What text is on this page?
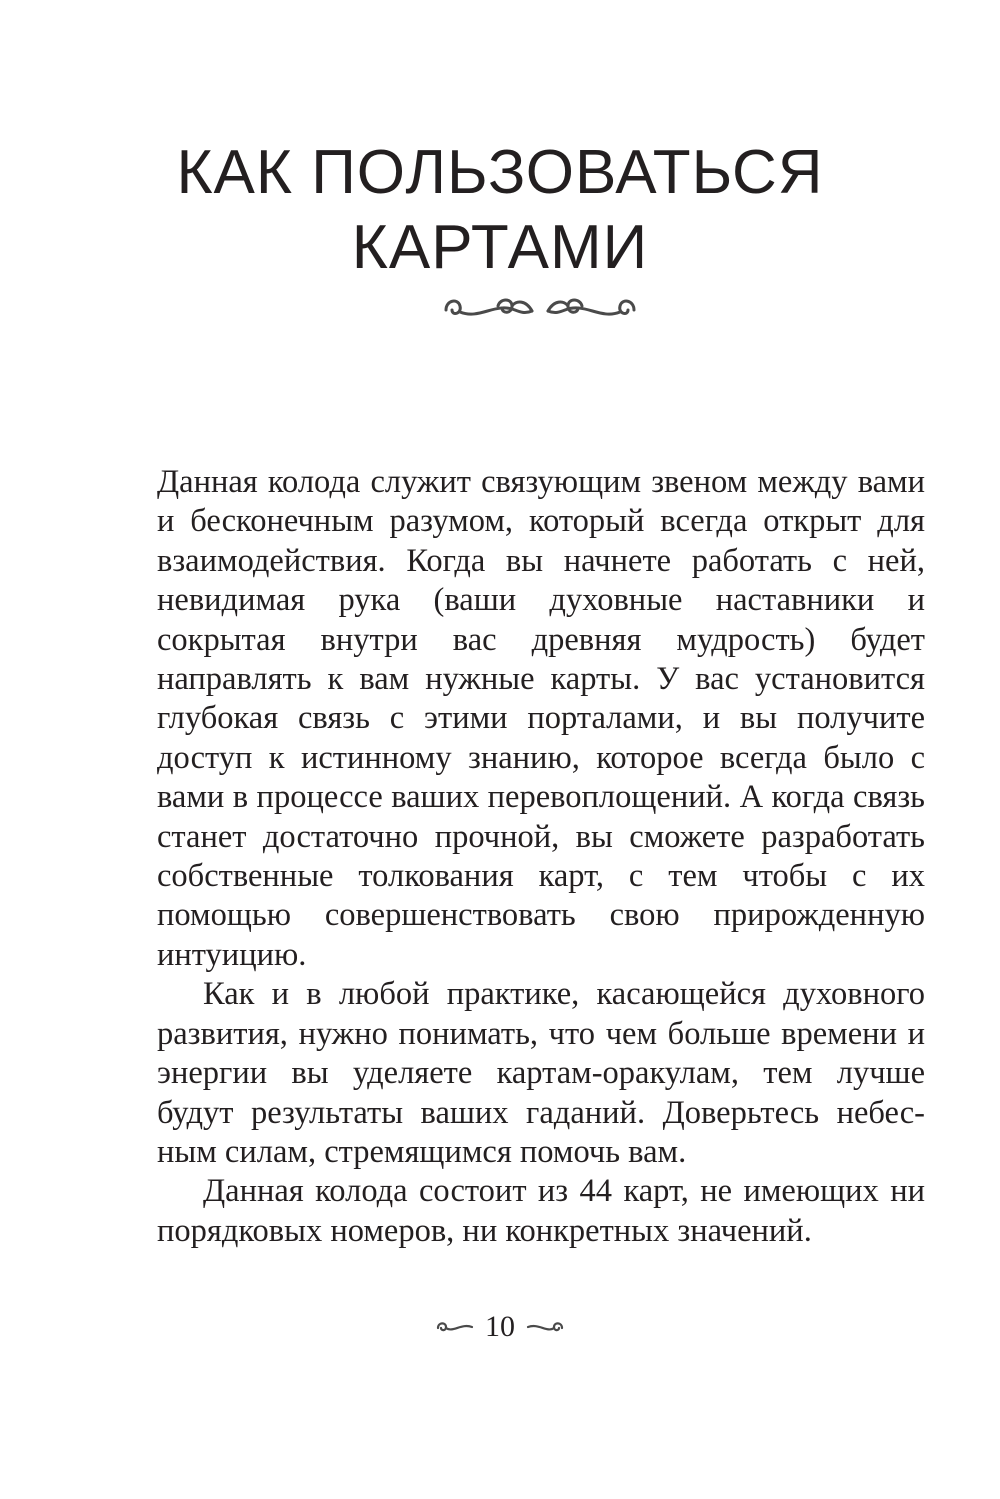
КАК ПОЛЬЗОВАТЬСЯ
КАРТАМИ

Данная колода служит связующим звеном между вами и бесконечным разумом, который всегда открыт для взаимодействия. Когда вы начнете работать с ней, невидимая рука (ваши духовные наставники и сокрытая внутри вас древняя мудрость) будет направлять к вам нужные карты. У вас установится глубокая связь с этими порталами, и вы получите доступ к истинному знанию, которое всегда было с вами в процессе ваших перевоплощений. А когда связь станет достаточно прочной, вы сможете разработать собственные толкования карт, с тем чтобы с их помощью совершенствовать свою прирожденную интуицию.

Как и в любой практике, касающейся духовного развития, нужно понимать, что чем больше времени и энергии вы уделяете картам-оракулам, тем лучше будут результаты ваших гаданий. Доверьтесь небесным силам, стремящимся помочь вам.

Данная колода состоит из 44 карт, не имеющих ни порядковых номеров, ни конкретных значений.

10
